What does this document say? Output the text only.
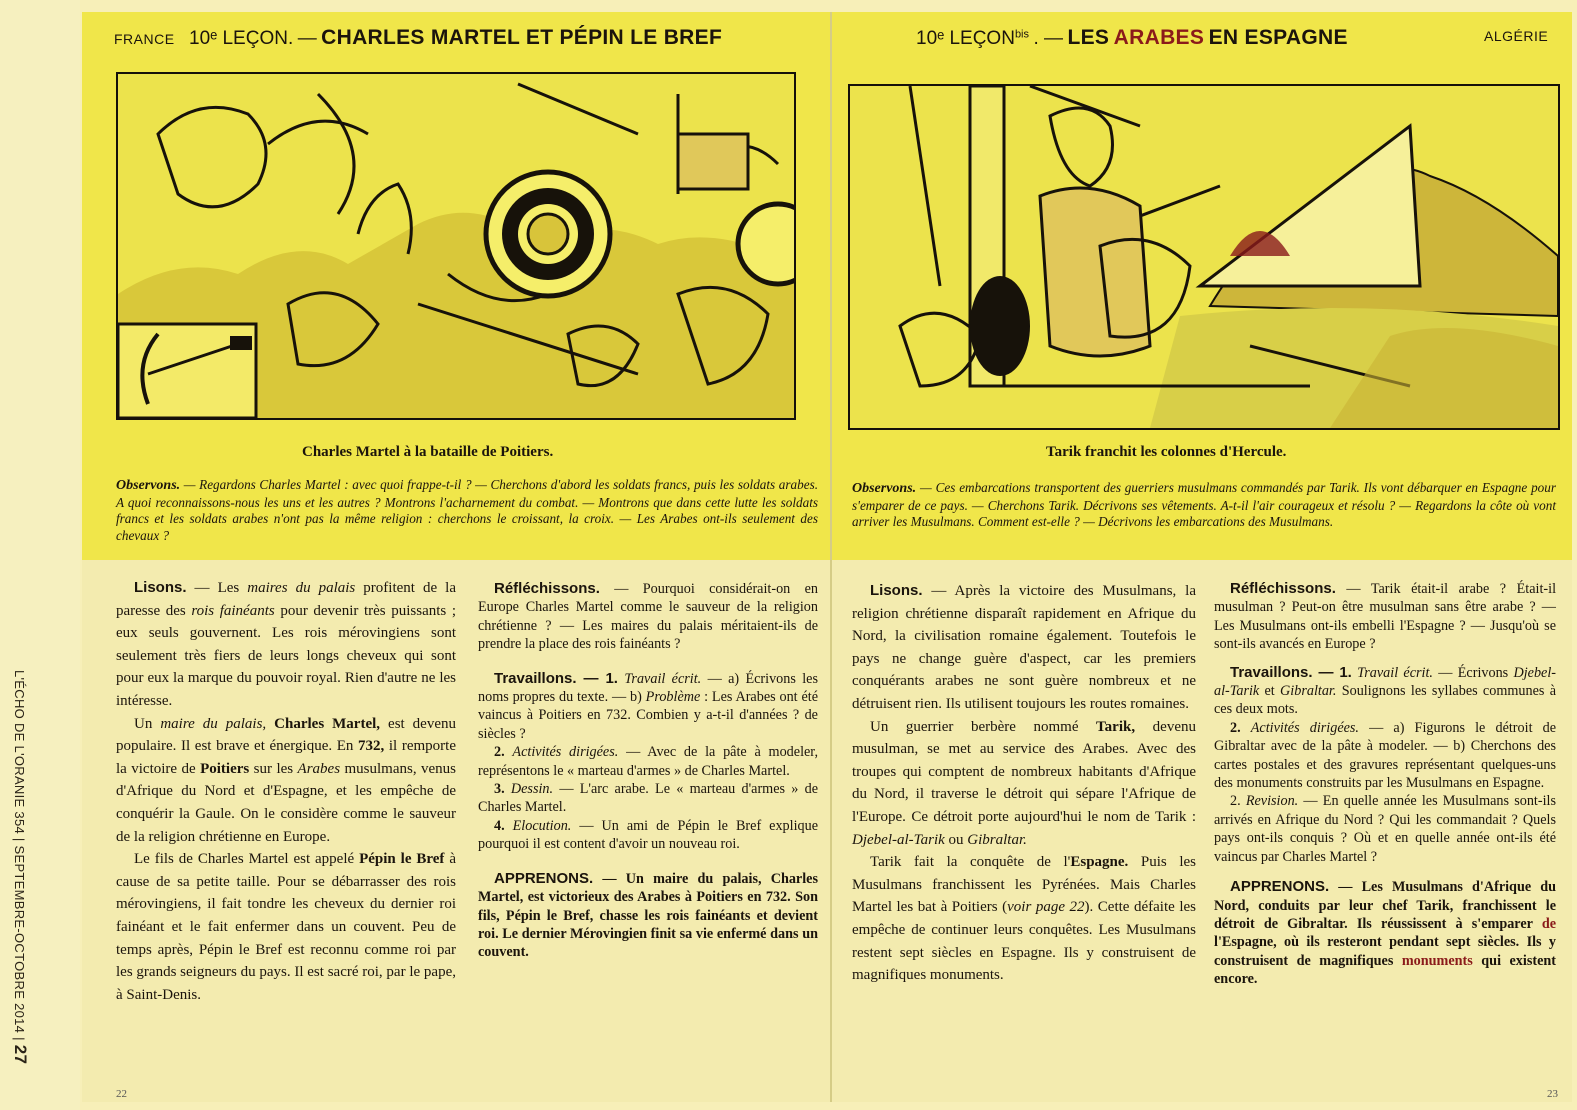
L'ÉCHO DE L'ORANIE 354 | SEPTEMBRE-OCTOBRE 2014 | 27
FRANCE 10ᵉ LEÇON. — CHARLES MARTEL ET PÉPIN LE BREF
Charles Martel à la bataille de Poitiers.
Observons. — Regardons Charles Martel : avec quoi frappe-t-il ? — Cherchons d'abord les soldats francs, puis les soldats arabes. A quoi reconnaissons-nous les uns et les autres ? Montrons l'acharnement du combat. — Montrons que dans cette lutte les soldats francs et les soldats arabes n'ont pas la même religion : cherchons le croissant, la croix. — Les Arabes ont-ils seulement des chevaux ?

Lisons. — Les maires du palais profitent de la paresse des rois fainéants pour devenir très puissants ; eux seuls gouvernent. Les rois mérovingiens sont seulement très fiers de leurs longs cheveux qui sont pour eux la marque du pouvoir royal. Rien d'autre ne les intéresse.

Un maire du palais, Charles Martel, est devenu populaire. Il est brave et énergique. En 732, il remporte la victoire de Poitiers sur les Arabes musulmans, venus d'Afrique du Nord et d'Espagne, et les empêche de conquérir la Gaule. On le considère comme le sauveur de la religion chrétienne en Europe.

Le fils de Charles Martel est appelé Pépin le Bref à cause de sa petite taille. Pour se débarrasser des rois mérovingiens, il fait tondre les cheveux du dernier roi fainéant et le fait enfermer dans un couvent. Peu de temps après, Pépin le Bref est reconnu comme roi par les grands seigneurs du pays. Il est sacré roi, par le pape, à Saint-Denis.

Réfléchissons. — Pourquoi considérait-on en Europe Charles Martel comme le sauveur de la religion chrétienne ? — Les maires du palais méritaient-ils de prendre la place des rois fainéants ?

Travaillons. — 1. Travail écrit. — a) Écrivons les noms propres du texte. — b) Problème : Les Arabes ont été vaincus à Poitiers en 732. Combien y a-t-il d'années ? de siècles ?

2. Activités dirigées. — Avec de la pâte à modeler, représentons le « marteau d'armes » de Charles Martel.

3. Dessin. — L'arc arabe. Le « marteau d'armes » de Charles Martel.

4. Elocution. — Un ami de Pépin le Bref explique pourquoi il est content d'avoir un nouveau roi.

APPRENONS. — Un maire du palais, Charles Martel, est victorieux des Arabes à Poitiers en 732. Son fils, Pépin le Bref, chasse les rois fainéants et devient roi. Le dernier Mérovingien finit sa vie enfermé dans un couvent.

22
10ᵉ $LEÇON^{bis}$ . — LES ARABES EN ESPAGNE	ALGÉRIE
Tarik franchit les colonnes d'Hercule.
Observons. — Ces embarcations transportent des guerriers musulmans commandés par Tarik. Ils vont débarquer en Espagne pour s'emparer de ce pays. — Cherchons Tarik. Décrivons ses vêtements. A-t-il l'air courageux et résolu ? — Regardons la côte où vont arriver les Musulmans. Comment est-elle ? — Décrivons les embarcations des Musulmans.

Lisons. — Après la victoire des Musulmans, la religion chrétienne disparaît rapidement en Afrique du Nord, la civilisation romaine également. Toutefois le pays ne change guère d'aspect, car les premiers conquérants arabes ne sont guère nombreux et ne détruisent rien. Ils utilisent toujours les routes romaines.

Un guerrier berbère nommé Tarik, devenu musulman, se met au service des Arabes. Avec des troupes qui comptent de nombreux habitants d'Afrique du Nord, il traverse le détroit qui sépare l'Afrique de l'Europe. Ce détroit porte aujourd'hui le nom de Tarik : Djebel-al-Tarik ou Gibraltar.

Tarik fait la conquête de l'Espagne. Puis les Musulmans franchissent les Pyrénées. Mais Charles Martel les bat à Poitiers (voir page 22). Cette défaite les empêche de continuer leurs conquêtes. Les Musulmans restent sept siècles en Espagne. Ils y construisent de magnifiques monuments.

Réfléchissons. — Tarik était-il arabe ? Était-il musulman ? Peut-on être musulman sans être arabe ? — Les Musulmans ont-ils embelli l'Espagne ? — Jusqu'où se sont-ils avancés en Europe ?

Travaillons. — 1. Travail écrit. — Écrivons Djebel-al-Tarik et Gibraltar. Soulignons les syllabes communes à ces deux mots.

2. Activités dirigées. — a) Figurons le détroit de Gibraltar avec de la pâte à modeler. — b) Cherchons des cartes postales et des gravures représentant quelques-uns des monuments construits par les Musulmans en Espagne.

2. Revision. — En quelle année les Musulmans sont-ils arrivés en Afrique du Nord ? Qui les commandait ? Quels pays ont-ils conquis ? Où et en quelle année ont-ils été vaincus par Charles Martel ?

APPRENONS. — Les Musulmans d'Afrique du Nord, conduits par leur chef Tarik, franchissent le détroit de Gibraltar. Ils réussissent à s'emparer de l'Espagne, où ils resteront pendant sept siècles. Ils y construisent de magnifiques monuments qui existent encore.

23
